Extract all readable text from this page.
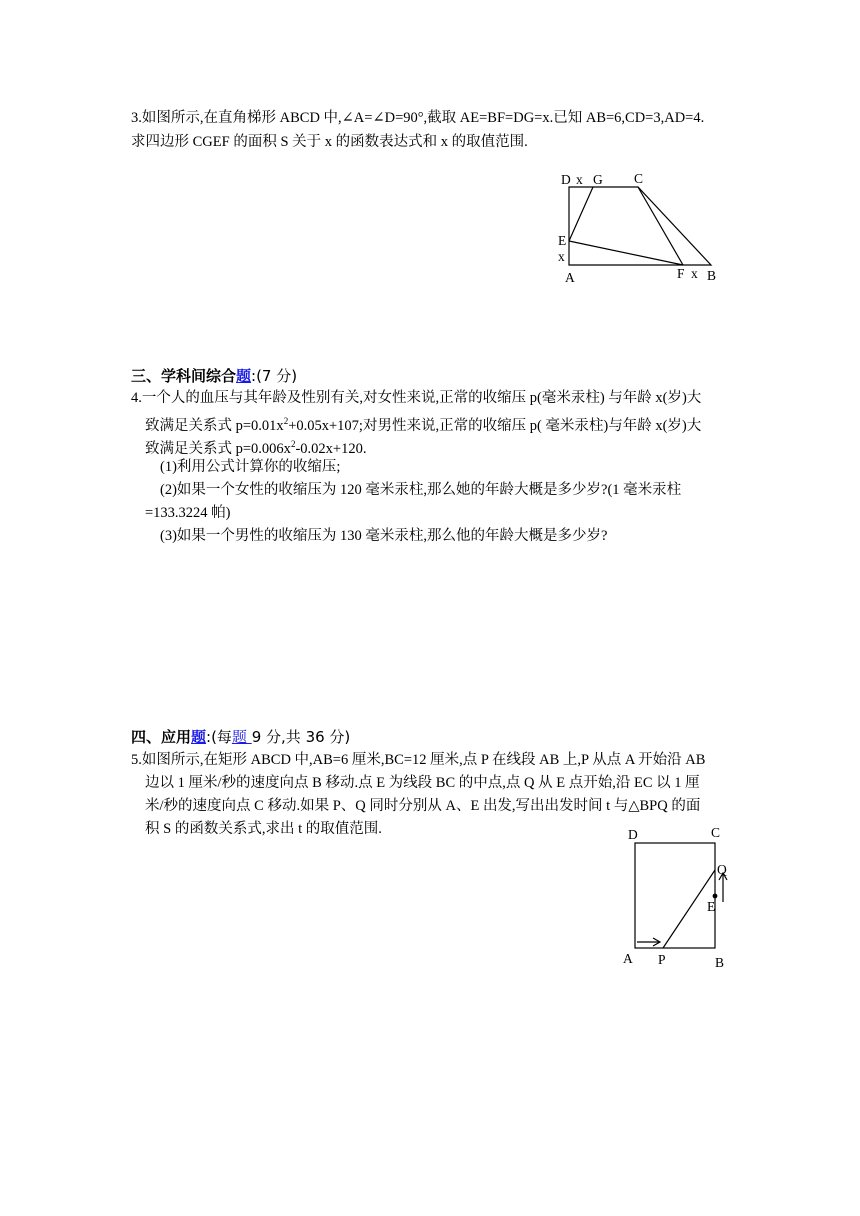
3.如图所示,在直角梯形 ABCD 中,∠A=∠D=90°,截取 AE=BF=DG=x.已知 AB=6,CD=3,AD=4.
求四边形 CGEF 的面积 S 关于 x 的函数表达式和 x 的取值范围.
D x G C
E
x
A	F x B
三、学科间综合题:(7 分)
4.一个人的血压与其年龄及性别有关,对女性来说,正常的收缩压 p(毫米汞柱) 与年龄 x(岁)大
致满足关系式 $p=0.01x^2+0.05x+107$;对男性来说,正常的收缩压 p( 毫米汞柱)与年龄 x(岁)大
致满足关系式 $p=0.006x^2-0.02x+120$.
(1)利用公式计算你的收缩压;
(2)如果一个女性的收缩压为 120 毫米汞柱,那么她的年龄大概是多少岁?(1 毫米汞柱
=133.3224 帕)
(3)如果一个男性的收缩压为 130 毫米汞柱,那么他的年龄大概是多少岁?
四、应用题:(每题 9 分,共 36 分)
5.如图所示,在矩形 ABCD 中,AB=6 厘米,BC=12 厘米,点 P 在线段 AB 上,P 从点 A 开始沿 AB
边以 1 厘米/秒的速度向点 B 移动.点 E 为线段 BC 的中点,点 Q 从 E 点开始,沿 EC 以 1 厘
米/秒的速度向点 C 移动.如果 P、Q 同时分别从 A、E 出发,写出出发时间 t 与△BPQ 的面
积 S 的函数关系式,求出 t 的取值范围.	D	C
Q
E
A P	B
